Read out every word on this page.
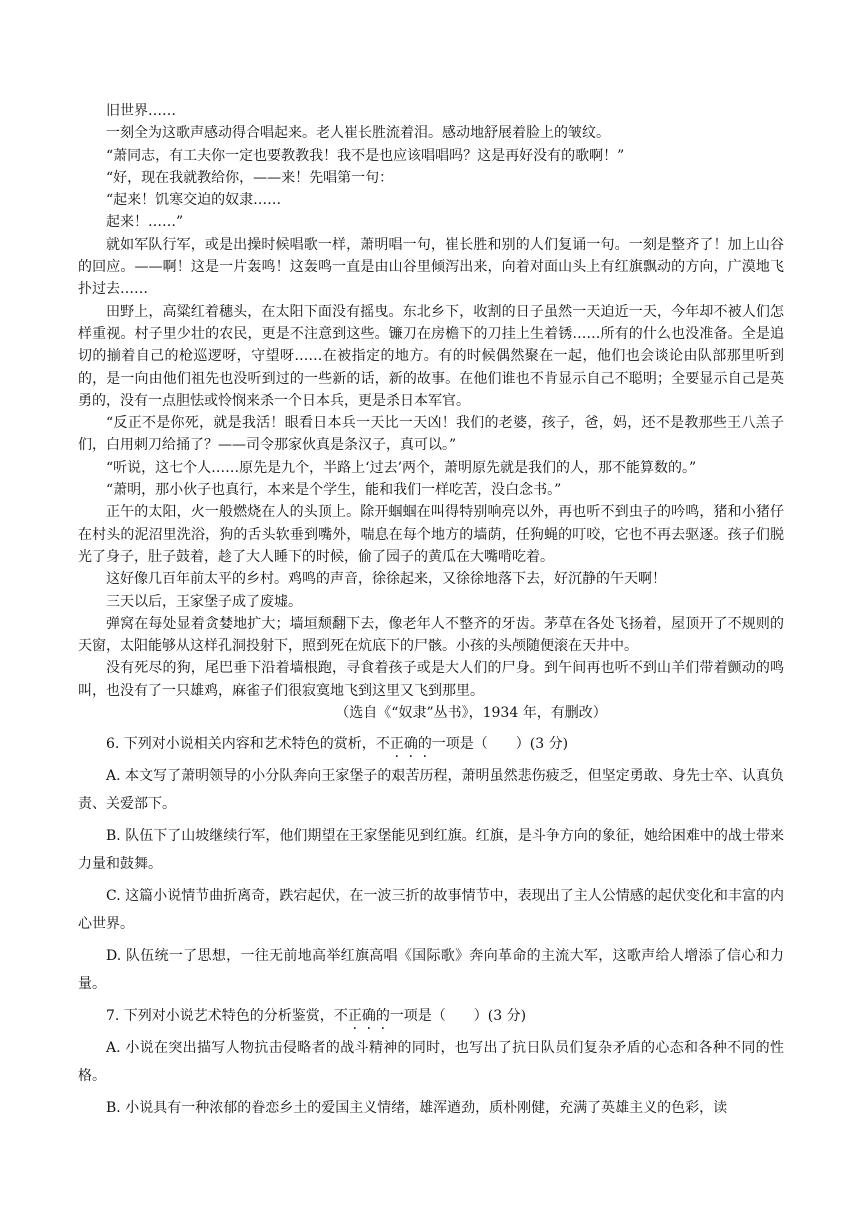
旧世界……

一刻全为这歌声感动得合唱起来。老人崔长胜流着泪。感动地舒展着脸上的皱纹。

“萧同志，有工夫你一定也要教教我！我不是也应该唱唱吗？这是再好没有的歌啊！”

“好，现在我就教给你，——来！先唱第一句：

“起来！饥寒交迫的奴隶……

起来！……”

就如军队行军，或是出操时候唱歌一样，萧明唱一句，崔长胜和别的人们复诵一句。一刻是整齐了！加上山谷的回应。——啊！这是一片轰鸣！这轰鸣一直是由山谷里倾泻出来，向着对面山头上有红旗飘动的方向，广漠地飞扑过去……

田野上，高粱红着穗头，在太阳下面没有摇曳。东北乡下，收割的日子虽然一天迫近一天，今年却不被人们怎样重视。村子里少壮的农民，更是不注意到这些。镰刀在房檐下的刀挂上生着锈……所有的什么也没准备。全是追切的揃着自己的枪巡逻呀，守望呀……在被指定的地方。有的时候偶然聚在一起，他们也会谈论由队部那里听到的，是一向由他们祖先也没听到过的一些新的话，新的故事。在他们谁也不肯显示自己不聪明；全要显示自己是英勇的，没有一点胆怯或怜悯来杀一个日本兵，更是杀日本军官。

“反正不是你死，就是我活！眼看日本兵一天比一天凶！我们的老婆，孩子，爸，妈，还不是教那些王八羔子们，白用刺刀给捅了？——司令那家伙真是条汉子，真可以。”

“听说，这七个人……原先是九个，半路上‘过去’两个，萧明原先就是我们的人，那不能算数的。”

“萧明，那小伙子也真行，本来是个学生，能和我们一样吃苦，没白念书。”

正午的太阳，火一般燃烧在人的头顶上。除开蝈蝈在叫得特别响亮以外，再也听不到虫子的吟鸣，猪和小猪仔在村头的泥沼里洗浴，狗的舌头软垂到嘴外，喘息在每个地方的墙荫，任狗蝇的叮咬，它也不再去驱逐。孩子们脱光了身子，肚子鼓着，趁了大人睡下的时候，偷了园子的黄瓜在大嘴啃吃着。

这好像几百年前太平的乡村。鸡鸣的声音，徐徐起来，又徐徐地落下去，好沉静的午天啊！

三天以后，王家堡子成了废墟。

弹窝在每处显着贪婪地扩大；墙垣颓翻下去，像老年人不整齐的牙齿。茅草在各处飞扬着，屋顶开了不规则的天窗，太阳能够从这样孔洞投射下，照到死在炕底下的尸骸。小孩的头颅随便滚在天井中。

没有死尽的狗，尾巴垂下沿着墙根跑，寻食着孩子或是大人们的尸身。到午间再也听不到山羊们带着颤动的鸣叫，也没有了一只雄鸡，麻雀子们很寂寞地飞到这里又飞到那里。

（选自《“奴隶”丛书》，1934 年，有删改）

6. 下列对小说相关内容和艺术特色的赏析，不正确的一项是（　　）(3 分)

A. 本文写了萧明领导的小分队奔向王家堡子的艰苦历程，萧明虽然悲伤疲乏，但坚定勇敢、身先士卒、认真负责、关爱部下。

B. 队伍下了山坡继续行军，他们期望在王家堡能见到红旗。红旗，是斗争方向的象征，她给困难中的战士带来力量和鼓舞。

C. 这篇小说情节曲折离奇，跌宕起伏，在一波三折的故事情节中，表现出了主人公情感的起伏变化和丰富的内心世界。

D. 队伍统一了思想，一往无前地高举红旗高唱《国际歌》奔向革命的主流大军，这歌声给人增添了信心和力量。

7. 下列对小说艺术特色的分析鉴赏，不正确的一项是（　　）(3 分)

A. 小说在突出描写人物抗击侵略者的战斗精神的同时，也写出了抗日队员们复杂矛盾的心态和各种不同的性格。

B. 小说具有一种浓郁的眷恋乡土的爱国主义情绪，雄浑遒劲，质朴刚健，充满了英雄主义的色彩，读
